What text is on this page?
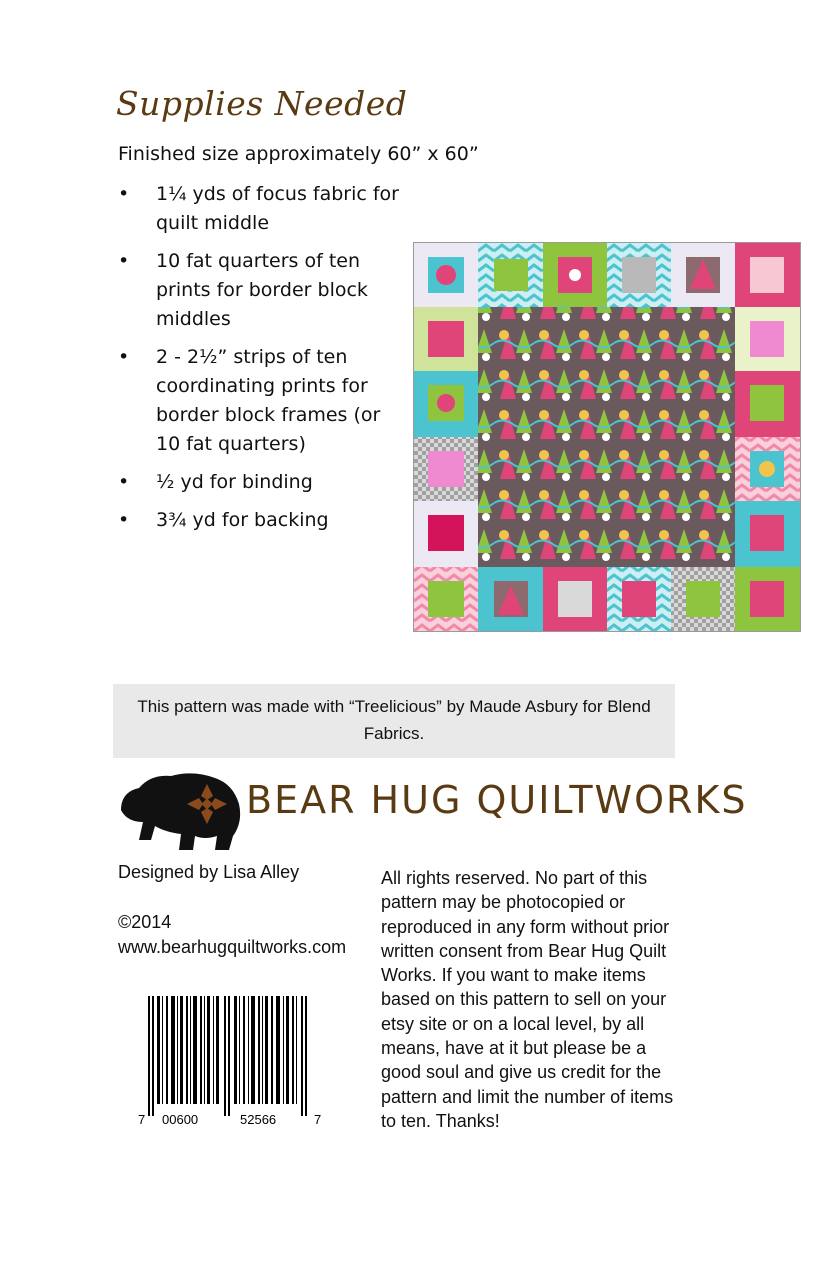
Supplies Needed
Finished size approximately 60” x 60”
• 1¼ yds of focus fabric for quilt middle
• 10 fat quarters of ten prints for border block middles
• 2 - 2½” strips of ten coordinating prints for border block frames (or 10 fat quarters)
• ½ yd for binding
• 3¾ yd for backing

This pattern was made with “Treelicious” by Maude Asbury for Blend Fabrics.

BEAR HUG QUILTWORKS
Designed by Lisa Alley
©2014
www.bearhugquiltworks.com
7 00600	52566	7
All rights reserved. No part of this pattern may be photocopied or reproduced in any form without prior written consent from Bear Hug Quilt Works. If you want to make items based on this pattern to sell on your etsy site or on a local level, by all means, have at it but please be a good soul and give us credit for the pattern and limit the number of items to ten. Thanks!
